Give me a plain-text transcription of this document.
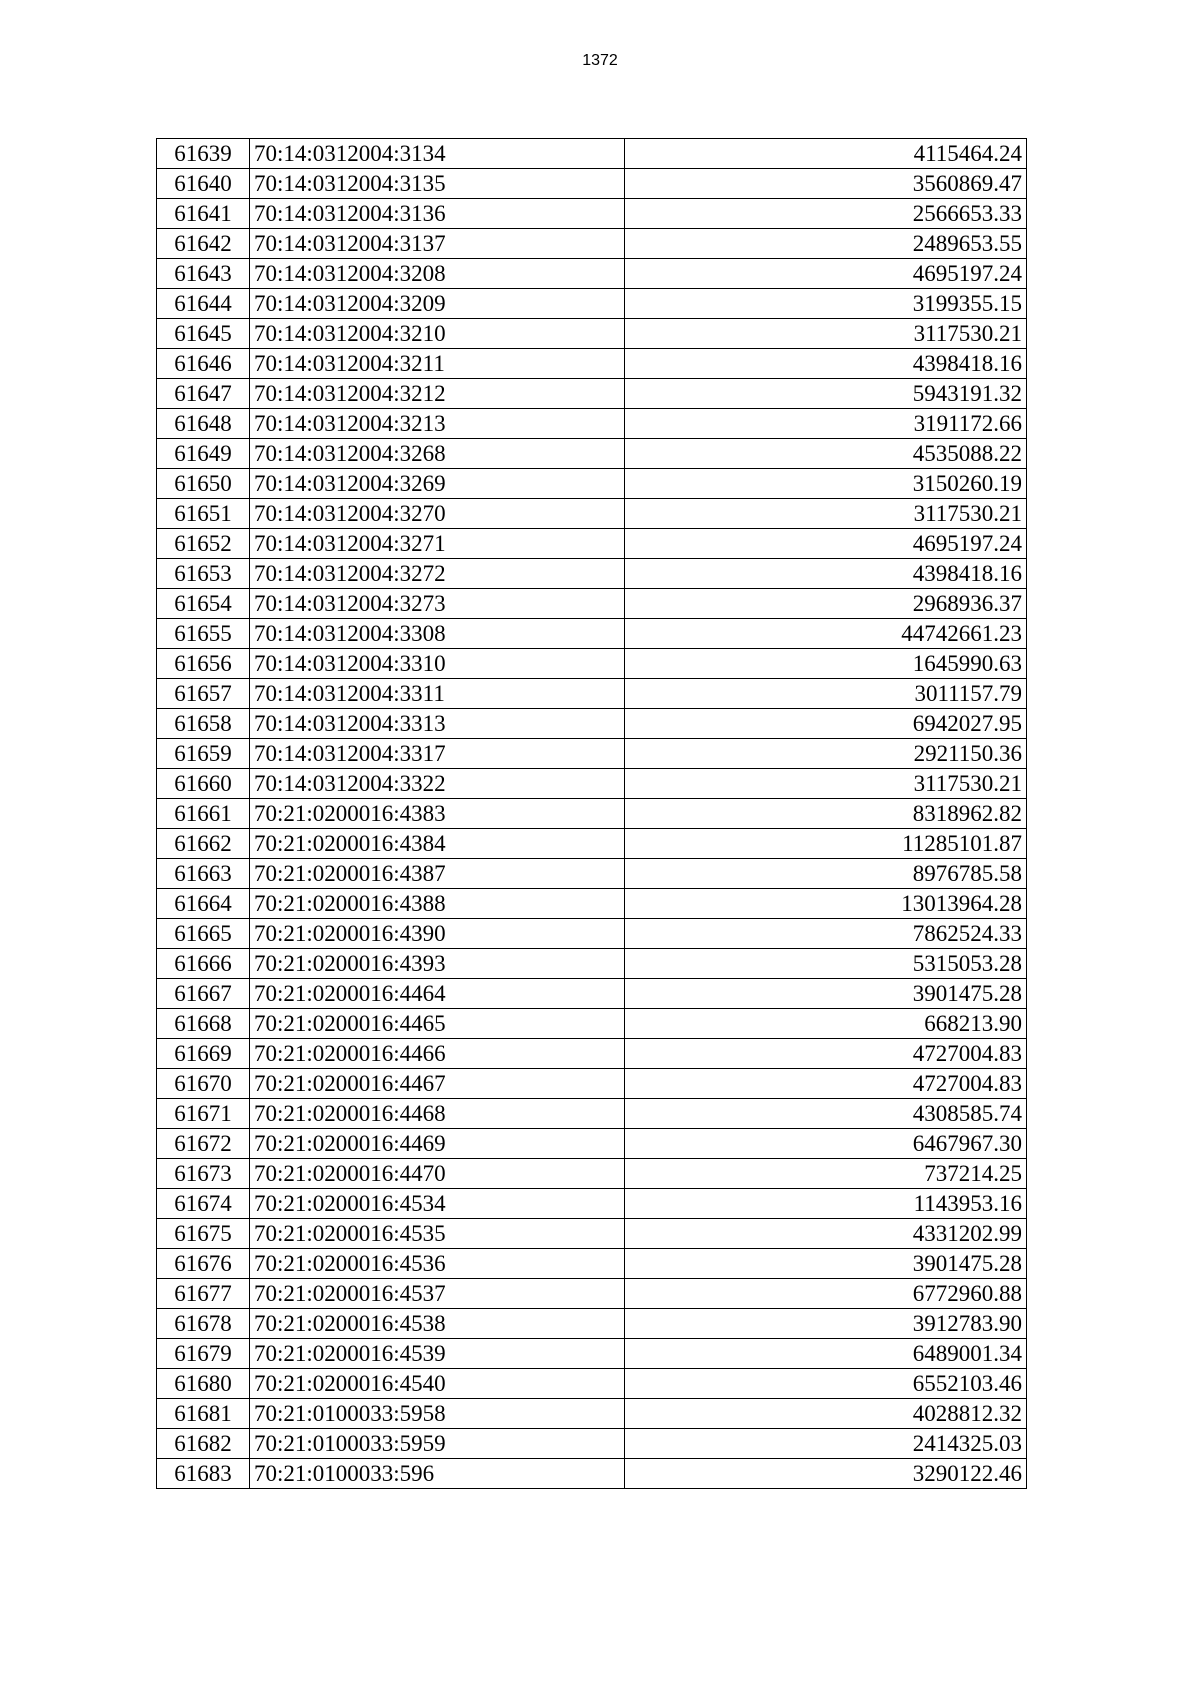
1372
61639	70:14:0312004:3134	4115464.24
61640	70:14:0312004:3135	3560869.47
61641	70:14:0312004:3136	2566653.33
61642	70:14:0312004:3137	2489653.55
61643	70:14:0312004:3208	4695197.24
61644	70:14:0312004:3209	3199355.15
61645	70:14:0312004:3210	3117530.21
61646	70:14:0312004:3211	4398418.16
61647	70:14:0312004:3212	5943191.32
61648	70:14:0312004:3213	3191172.66
61649	70:14:0312004:3268	4535088.22
61650	70:14:0312004:3269	3150260.19
61651	70:14:0312004:3270	3117530.21
61652	70:14:0312004:3271	4695197.24
61653	70:14:0312004:3272	4398418.16
61654	70:14:0312004:3273	2968936.37
61655	70:14:0312004:3308	44742661.23
61656	70:14:0312004:3310	1645990.63
61657	70:14:0312004:3311	3011157.79
61658	70:14:0312004:3313	6942027.95
61659	70:14:0312004:3317	2921150.36
61660	70:14:0312004:3322	3117530.21
61661	70:21:0200016:4383	8318962.82
61662	70:21:0200016:4384	11285101.87
61663	70:21:0200016:4387	8976785.58
61664	70:21:0200016:4388	13013964.28
61665	70:21:0200016:4390	7862524.33
61666	70:21:0200016:4393	5315053.28
61667	70:21:0200016:4464	3901475.28
61668	70:21:0200016:4465	668213.90
61669	70:21:0200016:4466	4727004.83
61670	70:21:0200016:4467	4727004.83
61671	70:21:0200016:4468	4308585.74
61672	70:21:0200016:4469	6467967.30
61673	70:21:0200016:4470	737214.25
61674	70:21:0200016:4534	1143953.16
61675	70:21:0200016:4535	4331202.99
61676	70:21:0200016:4536	3901475.28
61677	70:21:0200016:4537	6772960.88
61678	70:21:0200016:4538	3912783.90
61679	70:21:0200016:4539	6489001.34
61680	70:21:0200016:4540	6552103.46
61681	70:21:0100033:5958	4028812.32
61682	70:21:0100033:5959	2414325.03
61683	70:21:0100033:596	3290122.46
